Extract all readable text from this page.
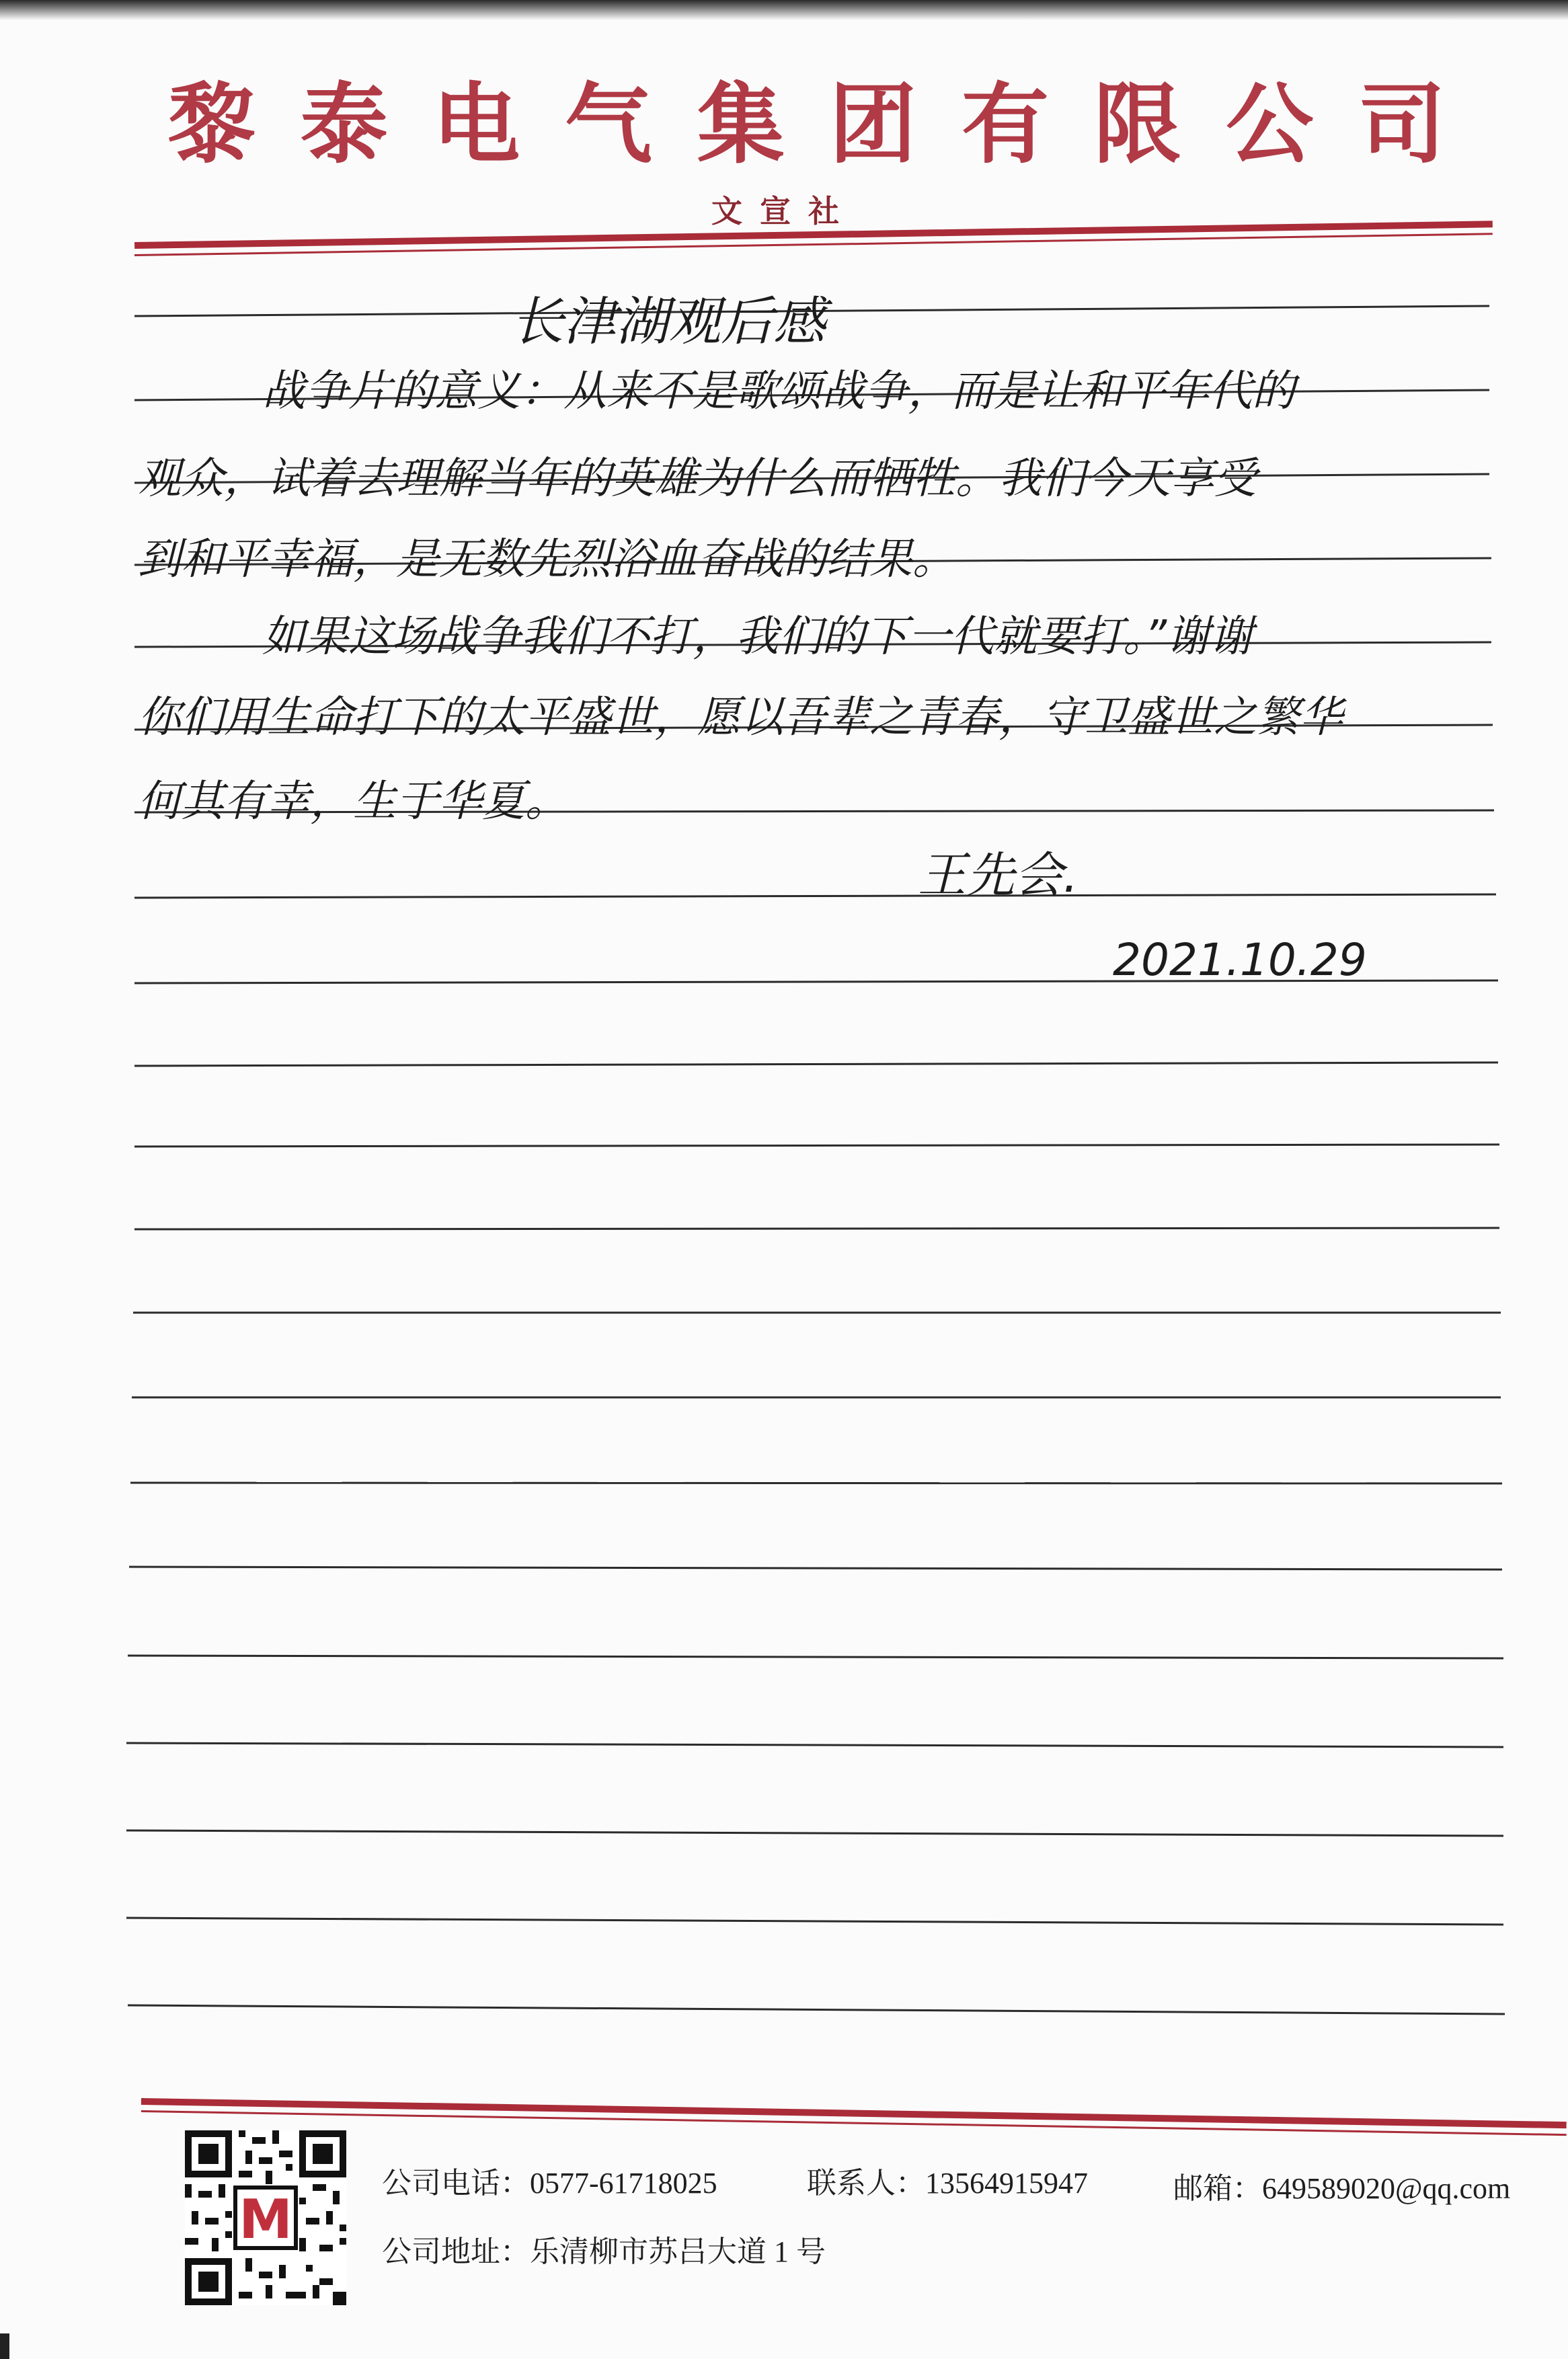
黎 泰 电 气 集 团 有 限 公 司
文宣社
长津湖观后感
战争片的意义：从来不是歌颂战争，而是让和平年代的
观众，试着去理解当年的英雄为什么而牺牲。我们今天享受
到和平幸福，是无数先烈浴血奋战的结果。
如果这场战争我们不打，我们的下一代就要打。”谢谢
你们用生命打下的太平盛世，愿以吾辈之青春，守卫盛世之繁华
何其有幸，生于华夏。
王先会.
2021.10.29
M
公司电话：0577-61718025	联系人：13564915947	邮箱：649589020@qq.com
公司地址：乐清柳市苏吕大道 1 号
